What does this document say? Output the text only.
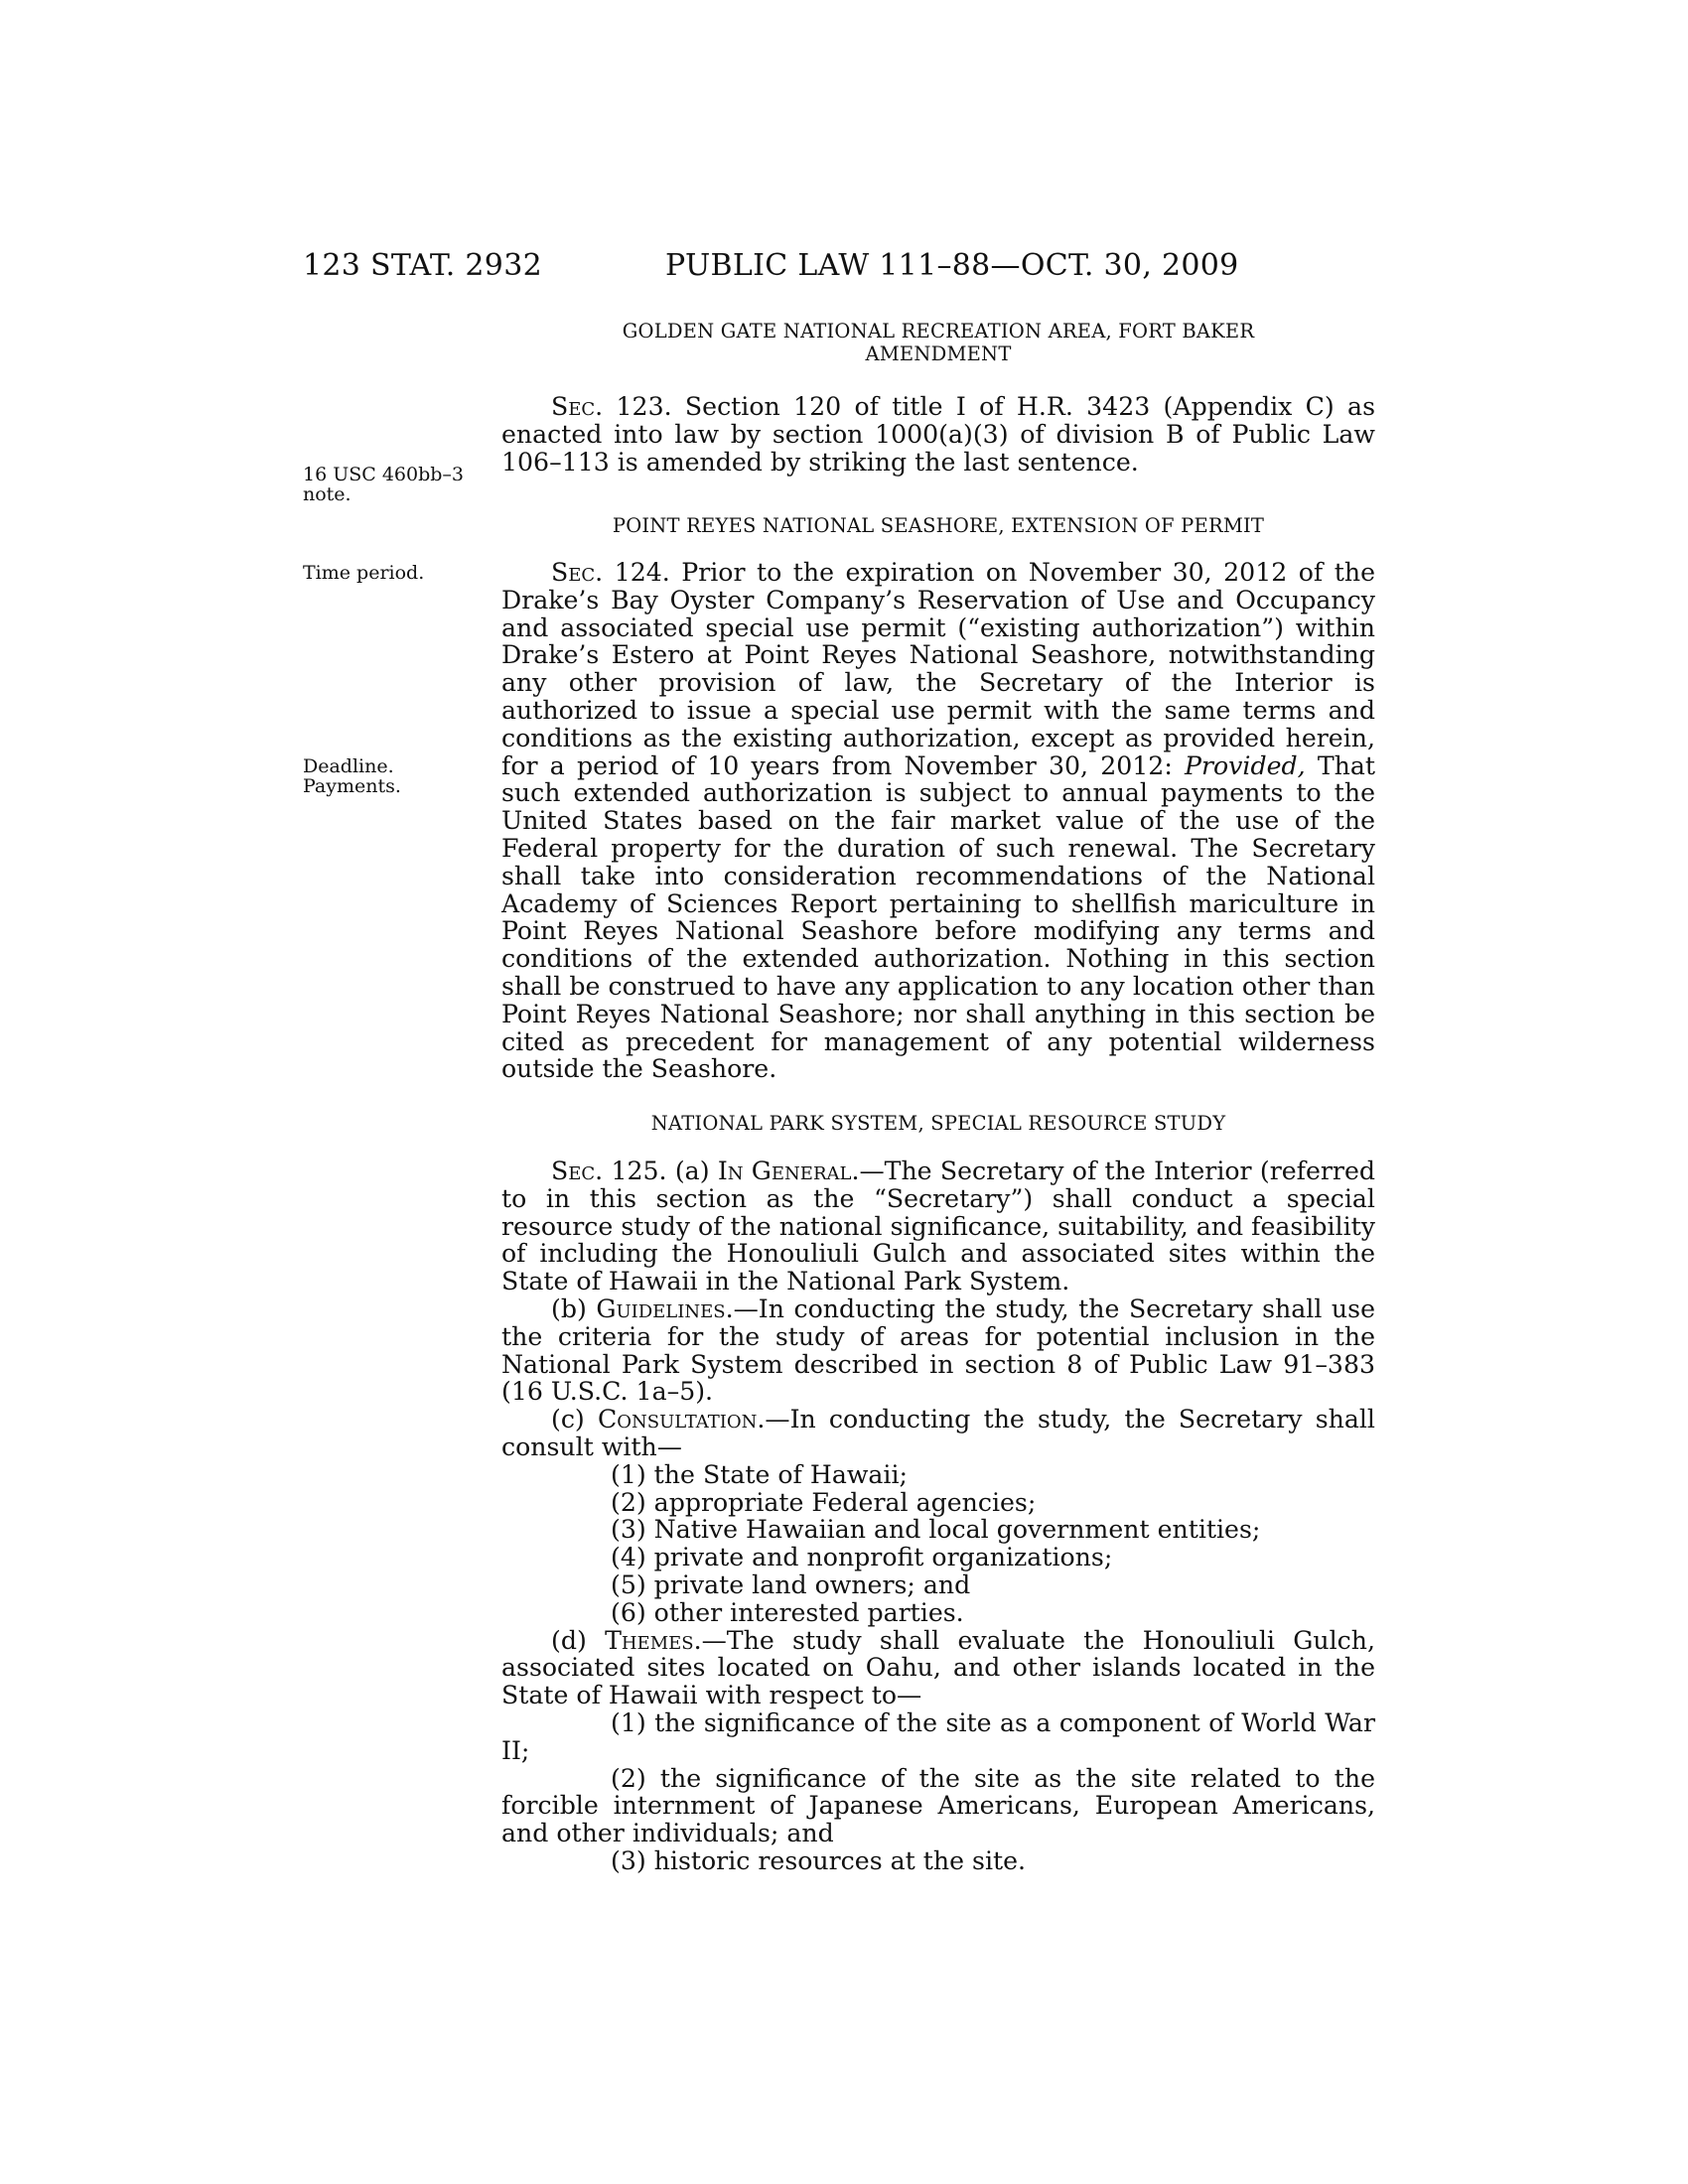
123 STAT. 2932	PUBLIC LAW 111–88—OCT. 30, 2009
GOLDEN GATE NATIONAL RECREATION AREA, FORT BAKER
AMENDMENT
16 USC 460bb–3
note.

Sec. 123. Section 120 of title I of H.R. 3423 (Appendix C) as enacted into law by section 1000(a)(3) of division B of Public Law 106–113 is amended by striking the last sentence.

POINT REYES NATIONAL SEASHORE, EXTENSION OF PERMIT
Time period.
Deadline.
Payments.

Sec. 124. Prior to the expiration on November 30, 2012 of the Drake’s Bay Oyster Company’s Reservation of Use and Occupancy and associated special use permit (“existing authorization”) within Drake’s Estero at Point Reyes National Seashore, notwithstanding any other provision of law, the Secretary of the Interior is authorized to issue a special use permit with the same terms and conditions as the existing authorization, except as provided herein, for a period of 10 years from November 30, 2012: Provided, That such extended authorization is subject to annual payments to the United States based on the fair market value of the use of the Federal property for the duration of such renewal. The Secretary shall take into consideration recommendations of the National Academy of Sciences Report pertaining to shellfish mariculture in Point Reyes National Seashore before modifying any terms and conditions of the extended authorization. Nothing in this section shall be construed to have any application to any location other than Point Reyes National Seashore; nor shall anything in this section be cited as precedent for management of any potential wilderness outside the Seashore.

NATIONAL PARK SYSTEM, SPECIAL RESOURCE STUDY

Sec. 125. (a) In General.—The Secretary of the Interior (referred to in this section as the “Secretary”) shall conduct a special resource study of the national significance, suitability, and feasibility of including the Honouliuli Gulch and associated sites within the State of Hawaii in the National Park System.

(b) Guidelines.—In conducting the study, the Secretary shall use the criteria for the study of areas for potential inclusion in the National Park System described in section 8 of Public Law 91–383 (16 U.S.C. 1a–5).

(c) Consultation.—In conducting the study, the Secretary shall consult with—

(1) the State of Hawaii;

(2) appropriate Federal agencies;

(3) Native Hawaiian and local government entities;

(4) private and nonprofit organizations;

(5) private land owners; and

(6) other interested parties.

(d) Themes.—The study shall evaluate the Honouliuli Gulch, associated sites located on Oahu, and other islands located in the State of Hawaii with respect to—

(1) the significance of the site as a component of World War II;

(2) the significance of the site as the site related to the forcible internment of Japanese Americans, European Americans, and other individuals; and

(3) historic resources at the site.
